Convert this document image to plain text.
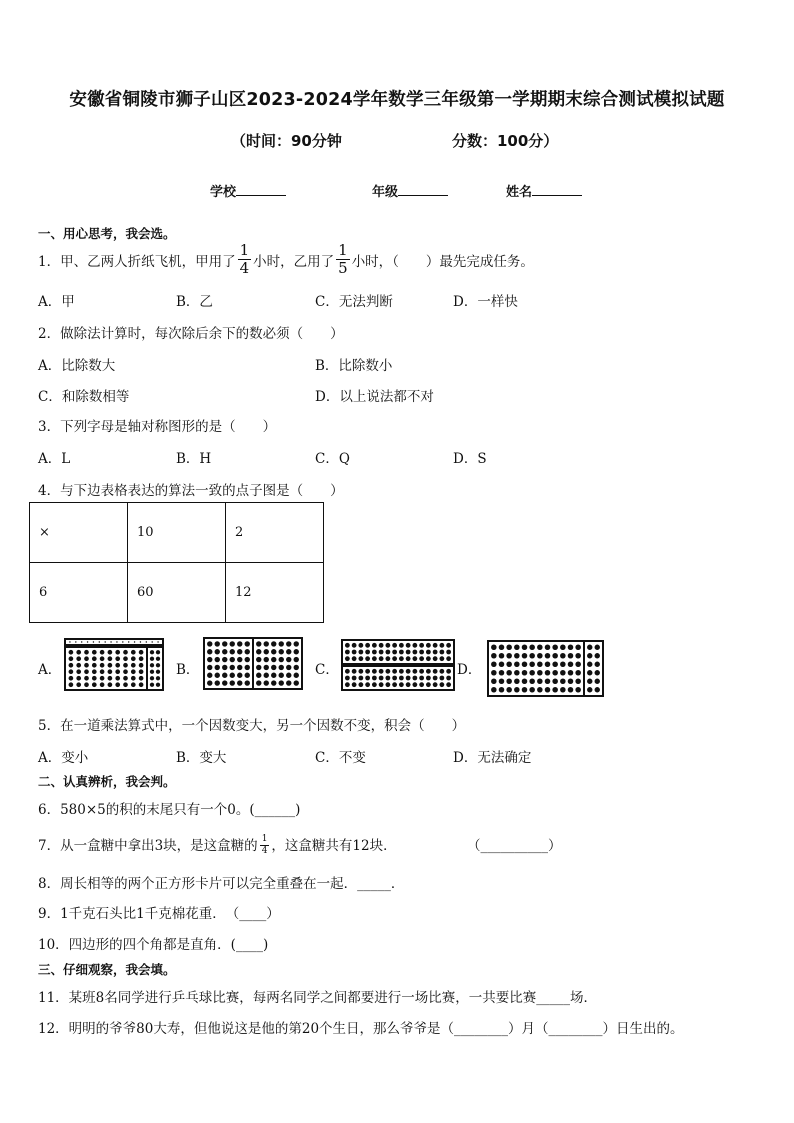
安徽省铜陵市狮子山区2023-2024学年数学三年级第一学期期末综合测试模拟试题
（时间：90分钟	分数：100分）
学校	年级	姓名
一、用心思考，我会选。
1．甲、乙两人折纸飞机，甲用了 $\frac{1}{4}$ 小时，乙用了 $\frac{1}{5}$ 小时，（　　）最先完成任务。
A．甲	B．乙	C．无法判断	D．一样快
2．做除法计算时，每次除后余下的数必须（　　）
A．比除数大	B．比除数小
C．和除数相等	D．以上说法都不对
3．下列字母是轴对称图形的是（　　）
A．L	B．H	C．Q	D．S
4．与下边表格表达的算法一致的点子图是（　　）
×	10	2
6	60	12
A．	B．	C．	D．
5．在一道乘法算式中，一个因数变大，另一个因数不变，积会（　　）
A．变小	B．变大	C．不变	D．无法确定
二、认真辨析，我会判。
6．580×5的积的末尾只有一个0。(______)
7．从一盒糖中拿出3块，是这盒糖的 $\frac{1}{4}$ ，这盒糖共有12块．	（__________）
8．周长相等的两个正方形卡片可以完全重叠在一起．_____．
9．1千克石头比1千克棉花重．　（____）
10．四边形的四个角都是直角．(____)
三、仔细观察，我会填。
11．某班8名同学进行乒乓球比赛，每两名同学之间都要进行一场比赛，一共要比赛_____场．
12．明明的爷爷80大寿，但他说这是他的第20个生日，那么爷爷是（________）月（________）日生出的。
